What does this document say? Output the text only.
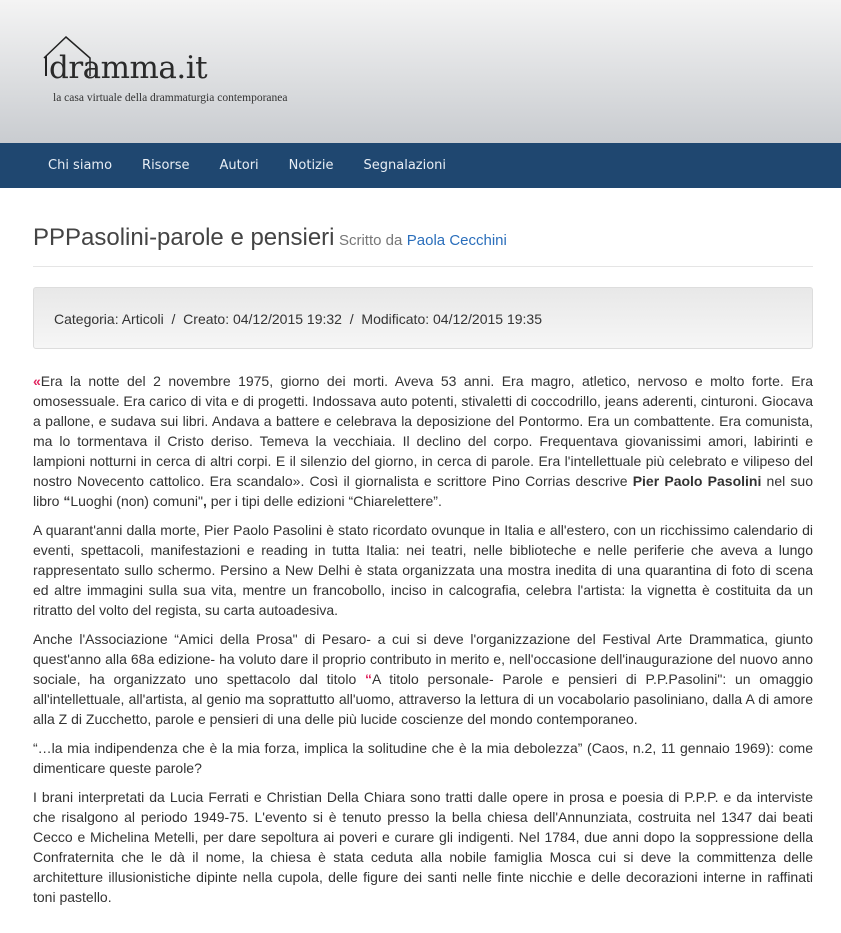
dramma.it
la casa virtuale della drammaturgia contemporanea
Chi siamo	Risorse	Autori	Notizie	Segnalazioni
PPPasolini-parole e pensieri Scritto da Paola Cecchini
Categoria: Articoli / Creato: 04/12/2015 19:32 / Modificato: 04/12/2015 19:35

«Era la notte del 2 novembre 1975, giorno dei morti. Aveva 53 anni. Era magro, atletico, nervoso e molto forte. Era omosessuale. Era carico di vita e di progetti. Indossava auto potenti, stivaletti di coccodrillo, jeans aderenti, cinturoni. Giocava a pallone, e sudava sui libri. Andava a battere e celebrava la deposizione del Pontormo. Era un combattente. Era comunista, ma lo tormentava il Cristo deriso. Temeva la vecchiaia. Il declino del corpo. Frequentava giovanissimi amori, labirinti e lampioni notturni in cerca di altri corpi. E il silenzio del giorno, in cerca di parole. Era l'intellettuale più celebrato e vilipeso del nostro Novecento cattolico. Era scandalo». Così il giornalista e scrittore Pino Corrias descrive Pier Paolo Pasolini nel suo libro “Luoghi (non) comuni", per i tipi delle edizioni “Chiarelettere”.

A quarant'anni dalla morte, Pier Paolo Pasolini è stato ricordato ovunque in Italia e all'estero, con un ricchissimo calendario di eventi, spettacoli, manifestazioni e reading in tutta Italia: nei teatri, nelle biblioteche e nelle periferie che aveva a lungo rappresentato sullo schermo. Persino a New Delhi è stata organizzata una mostra inedita di una quarantina di foto di scena ed altre immagini sulla sua vita, mentre un francobollo, inciso in calcografia, celebra l'artista: la vignetta è costituita da un ritratto del volto del regista, su carta autoadesiva.

Anche l'Associazione “Amici della Prosa" di Pesaro- a cui si deve l'organizzazione del Festival Arte Drammatica, giunto quest'anno alla 68a edizione- ha voluto dare il proprio contributo in merito e, nell'occasione dell'inaugurazione del nuovo anno sociale, ha organizzato uno spettacolo dal titolo “A titolo personale- Parole e pensieri di P.P.Pasolini": un omaggio all'intellettuale, all'artista, al genio ma soprattutto all'uomo, attraverso la lettura di un vocabolario pasoliniano, dalla A di amore alla Z di Zucchetto, parole e pensieri di una delle più lucide coscienze del mondo contemporaneo.

“…la mia indipendenza che è la mia forza, implica la solitudine che è la mia debolezza” (Caos, n.2, 11 gennaio 1969): come dimenticare queste parole?

I brani interpretati da Lucia Ferrati e Christian Della Chiara sono tratti dalle opere in prosa e poesia di P.P.P. e da interviste che risalgono al periodo 1949-75. L'evento si è tenuto presso la bella chiesa dell'Annunziata, costruita nel 1347 dai beati Cecco e Michelina Metelli, per dare sepoltura ai poveri e curare gli indigenti. Nel 1784, due anni dopo la soppressione della Confraternita che le dà il nome, la chiesa è stata ceduta alla nobile famiglia Mosca cui si deve la committenza delle architetture illusionistiche dipinte nella cupola, delle figure dei santi nelle finte nicchie e delle decorazioni interne in raffinati toni pastello.
